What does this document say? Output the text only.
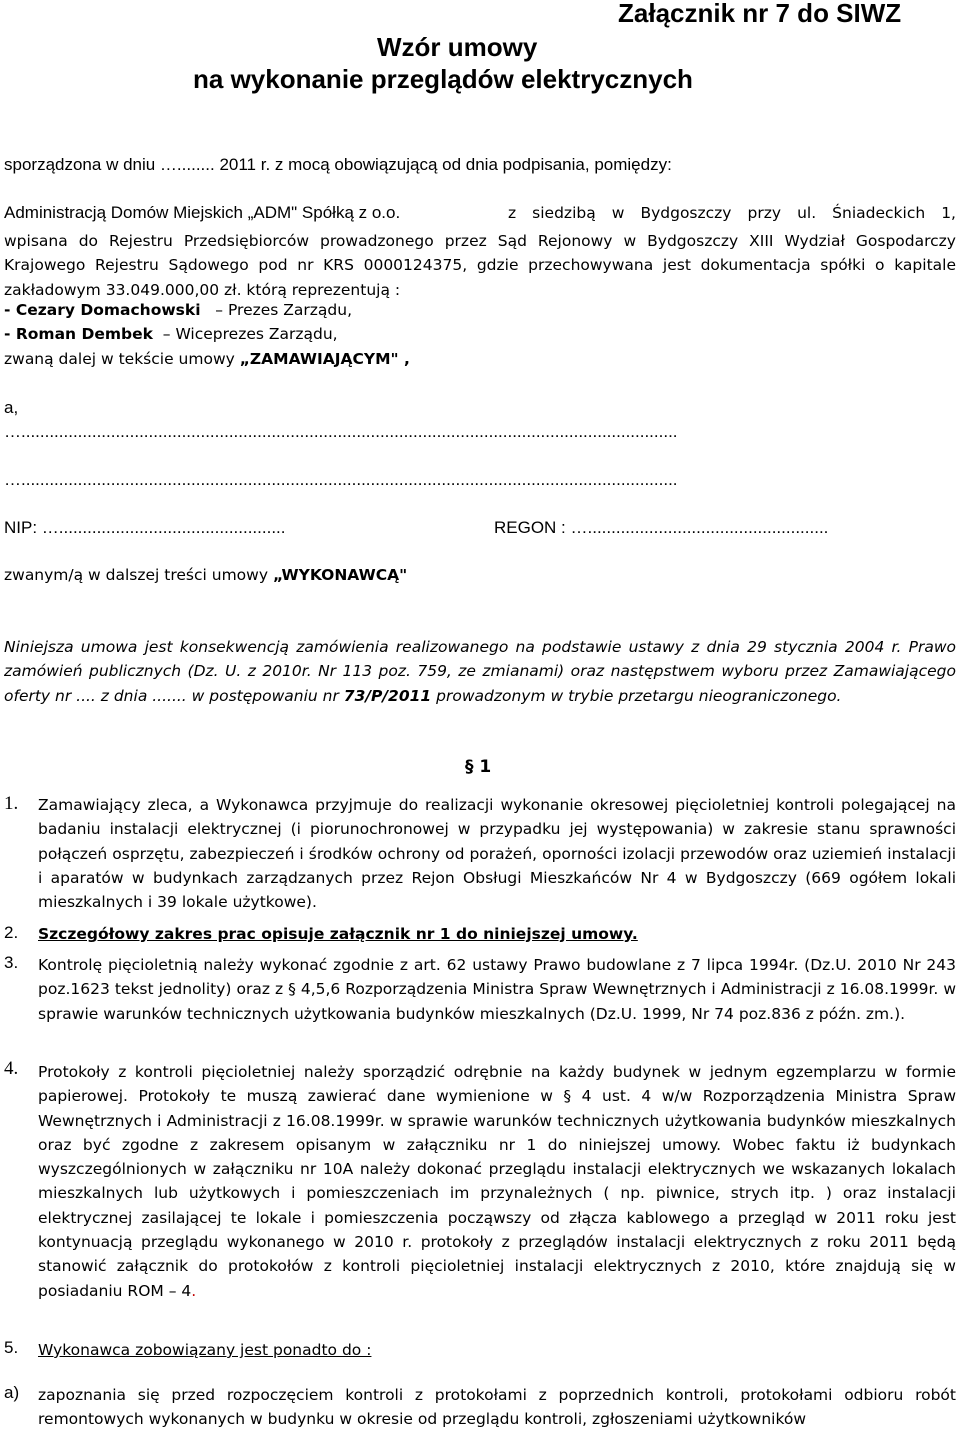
Załącznik nr 7 do SIWZ
Wzór umowy
na wykonanie przeglądów elektrycznych
sporządzona w dniu …........ 2011 r. z mocą obowiązującą od dnia podpisania, pomiędzy:
Administracją Domów Miejskich „ADM" Spółką z o.o.	z siedzibą w Bydgoszczy przy ul. Śniadeckich 1,
wpisana do Rejestru Przedsiębiorców prowadzonego przez Sąd Rejonowy w Bydgoszczy XIII Wydział Gospodarczy Krajowego Rejestru Sądowego pod nr KRS 0000124375, gdzie przechowywana jest dokumentacja spółki o kapitale zakładowym 33.049.000,00 zł. którą reprezentują :
- Cezary Domachowski – Prezes Zarządu,
- Roman Dembek – Wiceprezes Zarządu,
zwaną dalej w tekście umowy „ZAMAWIAJĄCYM" ,
a,
…...........................................................................................................................................
…...........................................................................................................................................
NIP: …................................................	REGON : …...................................................
zwanym/ą w dalszej treści umowy „WYKONAWCĄ"
Niniejsza umowa jest konsekwencją zamówienia realizowanego na podstawie ustawy z dnia 29 stycznia 2004 r. Prawo zamówień publicznych (Dz. U. z 2010r. Nr 113 poz. 759, ze zmianami) oraz następstwem wyboru przez Zamawiającego oferty nr .... z dnia ....... w postępowaniu nr 73/P/2011 prowadzonym w trybie przetargu nieograniczonego.
§ 1
1.	Zamawiający zleca, a Wykonawca przyjmuje do realizacji wykonanie okresowej pięcioletniej kontroli polegającej na badaniu instalacji elektrycznej (i piorunochronowej w przypadku jej występowania) w zakresie stanu sprawności połączeń osprzętu, zabezpieczeń i środków ochrony od porażeń, oporności izolacji przewodów oraz uziemień instalacji i aparatów w budynkach zarządzanych przez Rejon Obsługi Mieszkańców Nr 4 w Bydgoszczy (669 ogółem lokali mieszkalnych i 39 lokale użytkowe).
2.	Szczegółowy zakres prac opisuje załącznik nr 1 do niniejszej umowy.
3.	Kontrolę pięcioletnią należy wykonać zgodnie z art. 62 ustawy Prawo budowlane z 7 lipca 1994r. (Dz.U. 2010 Nr 243 poz.1623 tekst jednolity) oraz z § 4,5,6 Rozporządzenia Ministra Spraw Wewnętrznych i Administracji z 16.08.1999r. w sprawie warunków technicznych użytkowania budynków mieszkalnych (Dz.U. 1999, Nr 74 poz.836 z późn. zm.).
4.	Protokoły z kontroli pięcioletniej należy sporządzić odrębnie na każdy budynek w jednym egzemplarzu w formie papierowej. Protokoły te muszą zawierać dane wymienione w § 4 ust. 4 w/w Rozporządzenia Ministra Spraw Wewnętrznych i Administracji z 16.08.1999r. w sprawie warunków technicznych użytkowania budynków mieszkalnych oraz być zgodne z zakresem opisanym w załączniku nr 1 do niniejszej umowy. Wobec faktu iż budynkach wyszczególnionych w załączniku nr 10A należy dokonać przeglądu instalacji elektrycznych we wskazanych lokalach mieszkalnych lub użytkowych i pomieszczeniach im przynależnych ( np. piwnice, strych itp. ) oraz instalacji elektrycznej zasilającej te lokale i pomieszczenia począwszy od złącza kablowego a przegląd w 2011 roku jest kontynuacją przeglądu wykonanego w 2010 r. protokoły z przeglądów instalacji elektrycznych z roku 2011 będą stanowić załącznik do protokołów z kontroli pięcioletniej instalacji elektrycznych z 2010, które znajdują się w posiadaniu ROM – 4.
5.	Wykonawca zobowiązany jest ponadto do :
a) zapoznania się przed rozpoczęciem kontroli z protokołami z poprzednich kontroli, protokołami odbioru robót remontowych wykonanych w budynku w okresie od przeglądu kontroli, zgłoszeniami użytkowników
